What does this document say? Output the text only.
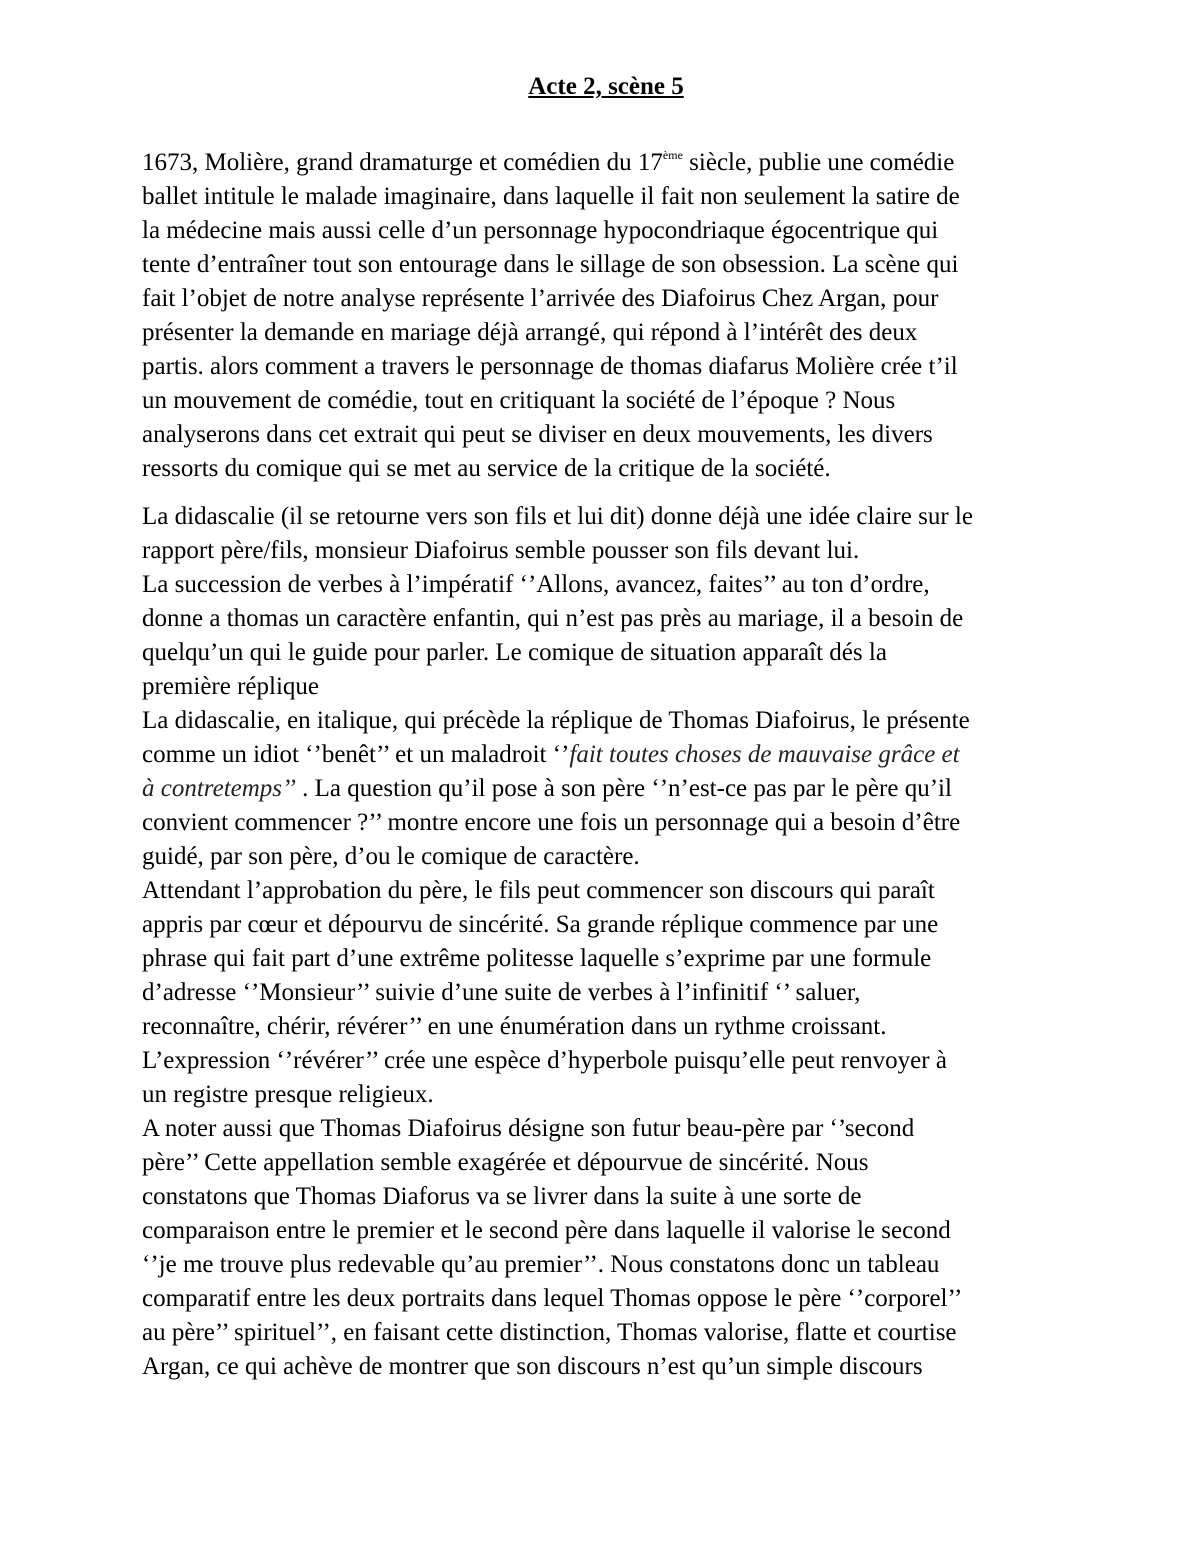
Acte 2, scène 5
1673, Molière, grand dramaturge et comédien du 17ème siècle, publie une comédie
ballet intitule le malade imaginaire, dans laquelle il fait non seulement la satire de
la médecine mais aussi celle d’un personnage hypocondriaque égocentrique qui
tente d’entraîner tout son entourage dans le sillage de son obsession. La scène qui
fait l’objet de notre analyse représente l’arrivée des Diafoirus Chez Argan, pour
présenter la demande en mariage déjà arrangé, qui répond à l’intérêt des deux
partis. alors comment a travers le personnage de thomas diafarus Molière crée t’il
un mouvement de comédie, tout en critiquant la société de l’époque ? Nous
analyserons dans cet extrait qui peut se diviser en deux mouvements, les divers
ressorts du comique qui se met au service de la critique de la société.
La didascalie (il se retourne vers son fils et lui dit) donne déjà une idée claire sur le
rapport père/fils, monsieur Diafoirus semble pousser son fils devant lui.
La succession de verbes à l’impératif ‘’Allons, avancez, faites’’ au ton d’ordre,
donne a thomas un caractère enfantin, qui n’est pas près au mariage, il a besoin de
quelqu’un qui le guide pour parler. Le comique de situation apparaît dés la
première réplique
La didascalie, en italique, qui précède la réplique de Thomas Diafoirus, le présente
comme un idiot ‘’benêt’’ et un maladroit ‘’fait toutes choses de mauvaise grâce et
à contretemps’’ . La question qu’il pose à son père ‘’n’est-ce pas par le père qu’il
convient commencer ?’’ montre encore une fois un personnage qui a besoin d’être
guidé, par son père, d’ou le comique de caractère.
Attendant l’approbation du père, le fils peut commencer son discours qui paraît
appris par cœur et dépourvu de sincérité. Sa grande réplique commence par une
phrase qui fait part d’une extrême politesse laquelle s’exprime par une formule
d’adresse ‘’Monsieur’’ suivie d’une suite de verbes à l’infinitif ‘’ saluer,
reconnaître, chérir, révérer’’ en une énumération dans un rythme croissant.
L’expression ‘’révérer’’ crée une espèce d’hyperbole puisqu’elle peut renvoyer à
un registre presque religieux.
A noter aussi que Thomas Diafoirus désigne son futur beau-père par ‘’second
père’’ Cette appellation semble exagérée et dépourvue de sincérité. Nous
constatons que Thomas Diaforus va se livrer dans la suite à une sorte de
comparaison entre le premier et le second père dans laquelle il valorise le second
‘’je me trouve plus redevable qu’au premier’’. Nous constatons donc un tableau
comparatif entre les deux portraits dans lequel Thomas oppose le père ‘’corporel’’
au père’’ spirituel’’, en faisant cette distinction, Thomas valorise, flatte et courtise
Argan, ce qui achève de montrer que son discours n’est qu’un simple discours
